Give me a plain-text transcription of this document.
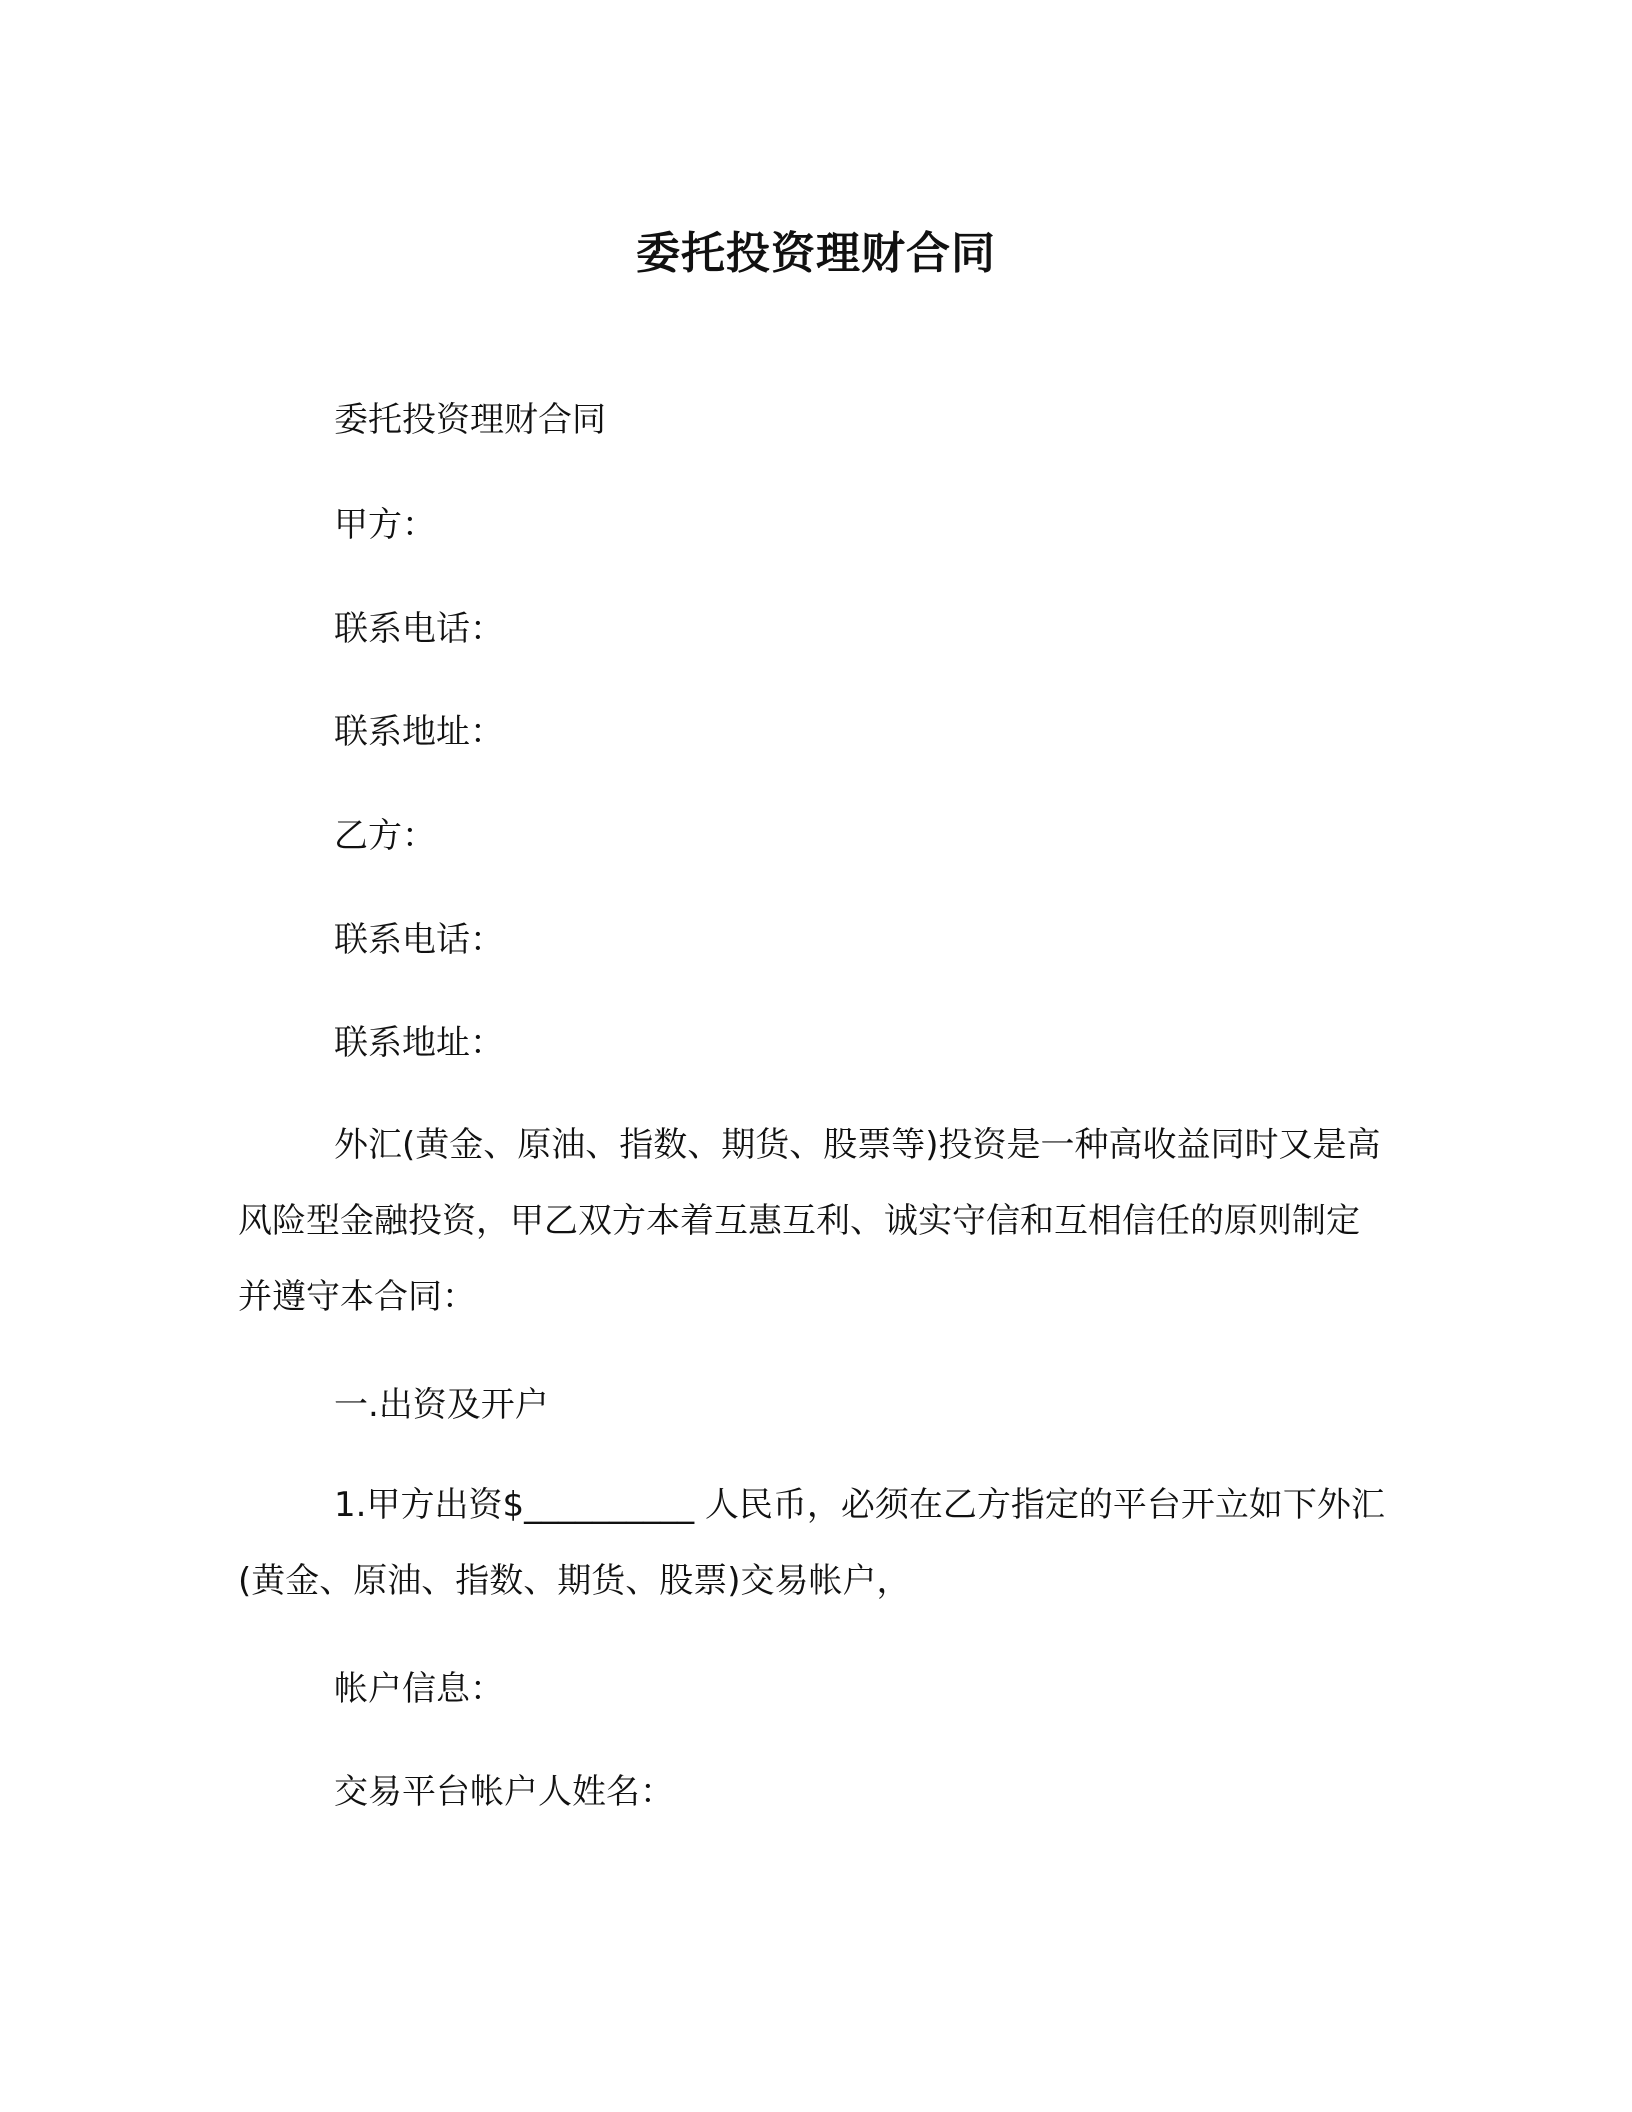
委托投资理财合同
委托投资理财合同
甲方：
联系电话：
联系地址：
乙方：
联系电话：
联系地址：
外汇(黄金、原油、指数、期货、股票等)投资是一种高收益同时又是高风险型金融投资，甲乙双方本着互惠互利、诚实守信和互相信任的原则制定并遵守本合同：
一.出资及开户
1.甲方出资$__________ 人民币，必须在乙方指定的平台开立如下外汇(黄金、原油、指数、期货、股票)交易帐户，
帐户信息：
交易平台帐户人姓名：
